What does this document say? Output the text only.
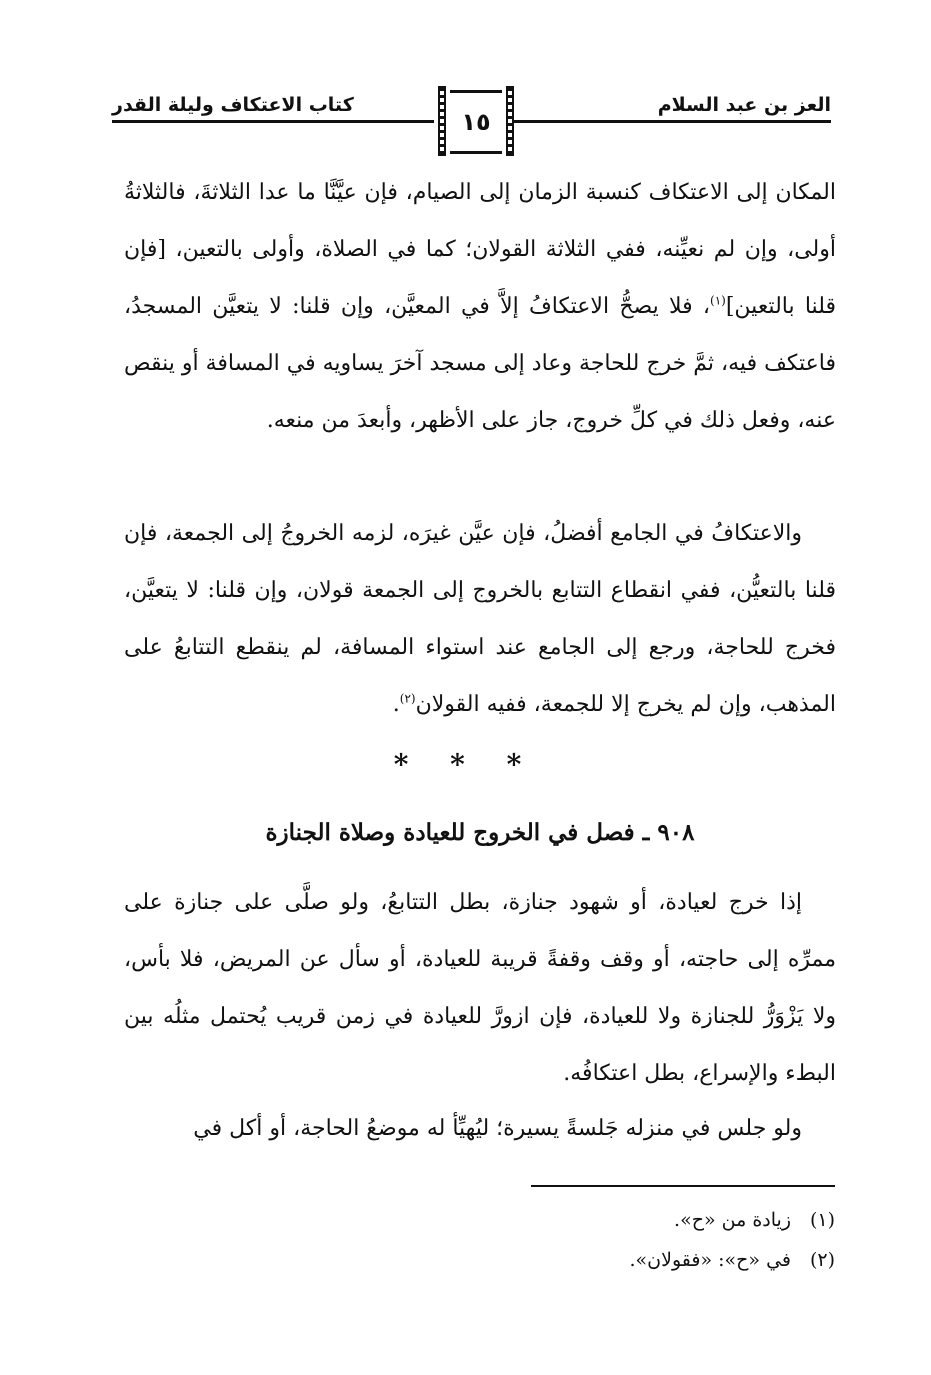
العز بن عبد السلام
١٥
كتاب الاعتكاف وليلة القدر
المكان إلى الاعتكاف كنسبة الزمان إلى الصيام، فإن عيَّنَّا ما عدا الثلاثةَ، فالثلاثةُ أولى، وإن لم نعيِّنه، ففي الثلاثة القولان؛ كما في الصلاة، وأولى بالتعين، [فإن قلنا بالتعين]$^{(١)}$، فلا يصحُّ الاعتكافُ إلاَّ في المعيَّن، وإن قلنا: لا يتعيَّن المسجدُ، فاعتكف فيه، ثمَّ خرج للحاجة وعاد إلى مسجد آخرَ يساويه في المسافة أو ينقص عنه، وفعل ذلك في كلِّ خروج، جاز على الأظهر، وأبعدَ من منعه.
والاعتكافُ في الجامع أفضلُ، فإن عيَّن غيرَه، لزمه الخروجُ إلى الجمعة، فإن قلنا بالتعيُّن، ففي انقطاع التتابع بالخروج إلى الجمعة قولان، وإن قلنا: لا يتعيَّن، فخرج للحاجة، ورجع إلى الجامع عند استواء المسافة، لم ينقطع التتابعُ على المذهب، وإن لم يخرج إلا للجمعة، ففيه القولان$^{(٢)}$.
* * *
٩٠٨ ـ فصل في الخروج للعيادة وصلاة الجنازة
إذا خرج لعيادة، أو شهود جنازة، بطل التتابعُ، ولو صلَّى على جنازة على ممرِّه إلى حاجته، أو وقف وقفةً قريبة للعيادة، أو سأل عن المريض، فلا بأس، ولا يَزْوَرُّ للجنازة ولا للعيادة، فإن ازورَّ للعيادة في زمن قريب يُحتمل مثلُه بين البطء والإسراع، بطل اعتكافُه.
ولو جلس في منزله جَلسةً يسيرة؛ ليُهيِّأ له موضعُ الحاجة، أو أكل في
(١)زيادة من «ح».
(٢)في «ح»: «فقولان».
